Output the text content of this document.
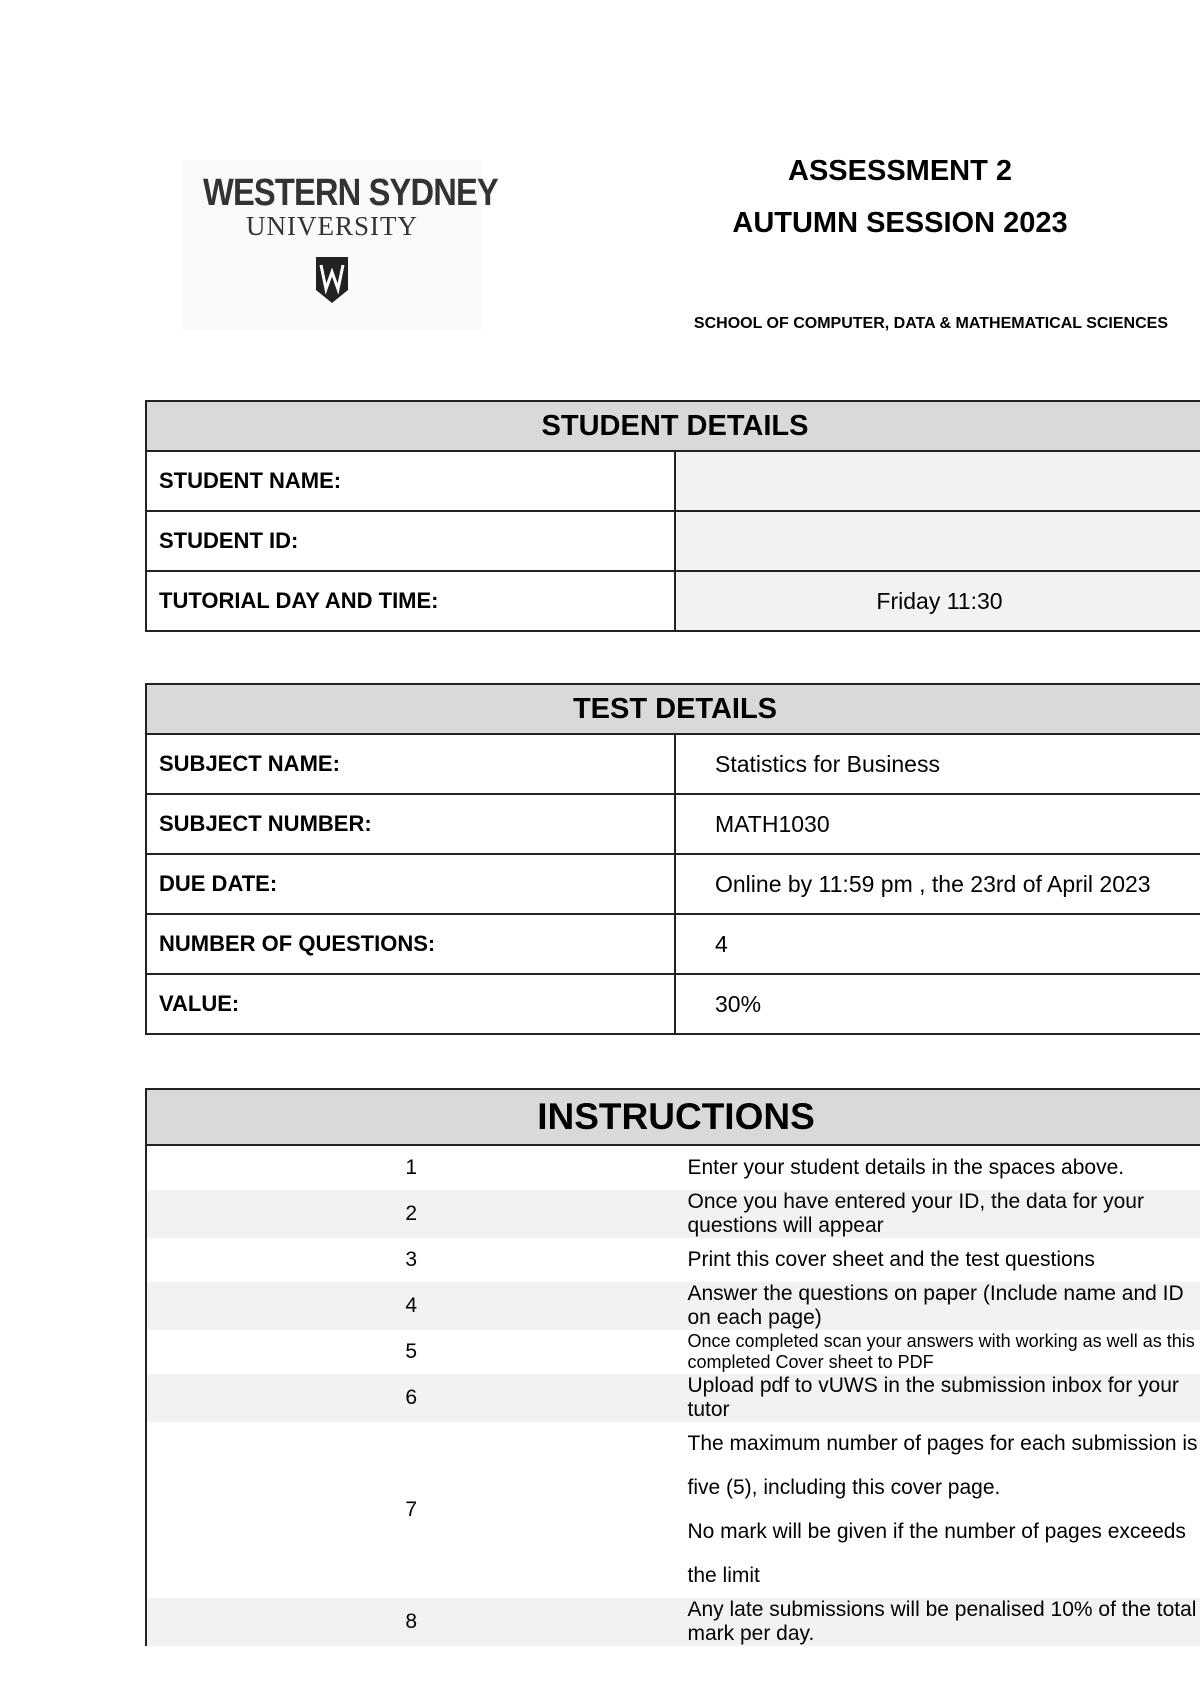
WESTERN SYDNEY
UNIVERSITY
ASSESSMENT 2
AUTUMN SESSION 2023
SCHOOL OF COMPUTER, DATA & MATHEMATICAL SCIENCES
STUDENT DETAILS	
STUDENT NAME:	
STUDENT ID:	
TUTORIAL DAY AND TIME:	Friday 11:30
TEST DETAILS	
SUBJECT NAME:	Statistics for Business
SUBJECT NUMBER:	MATH1030
DUE DATE:	Online by 11:59 pm , the 23rd of April 2023
NUMBER OF QUESTIONS:	4
VALUE:	30%
INSTRUCTIONS	
1	Enter your student details in the spaces above.
2	Once you have entered your ID, the data for your questions will appear
3	Print this cover sheet and the test questions
4	Answer the questions on paper (Include name and ID on each page)
5	Once completed scan your answers with working as well as this completed Cover sheet to PDF
6	Upload pdf to vUWS in the submission inbox for your tutor
7	The maximum number of pages for each submission is five (5), including this cover page.
No mark will be given if the number of pages exceeds the limit

8	Any late submissions will be penalised 10% of the total mark per day.
